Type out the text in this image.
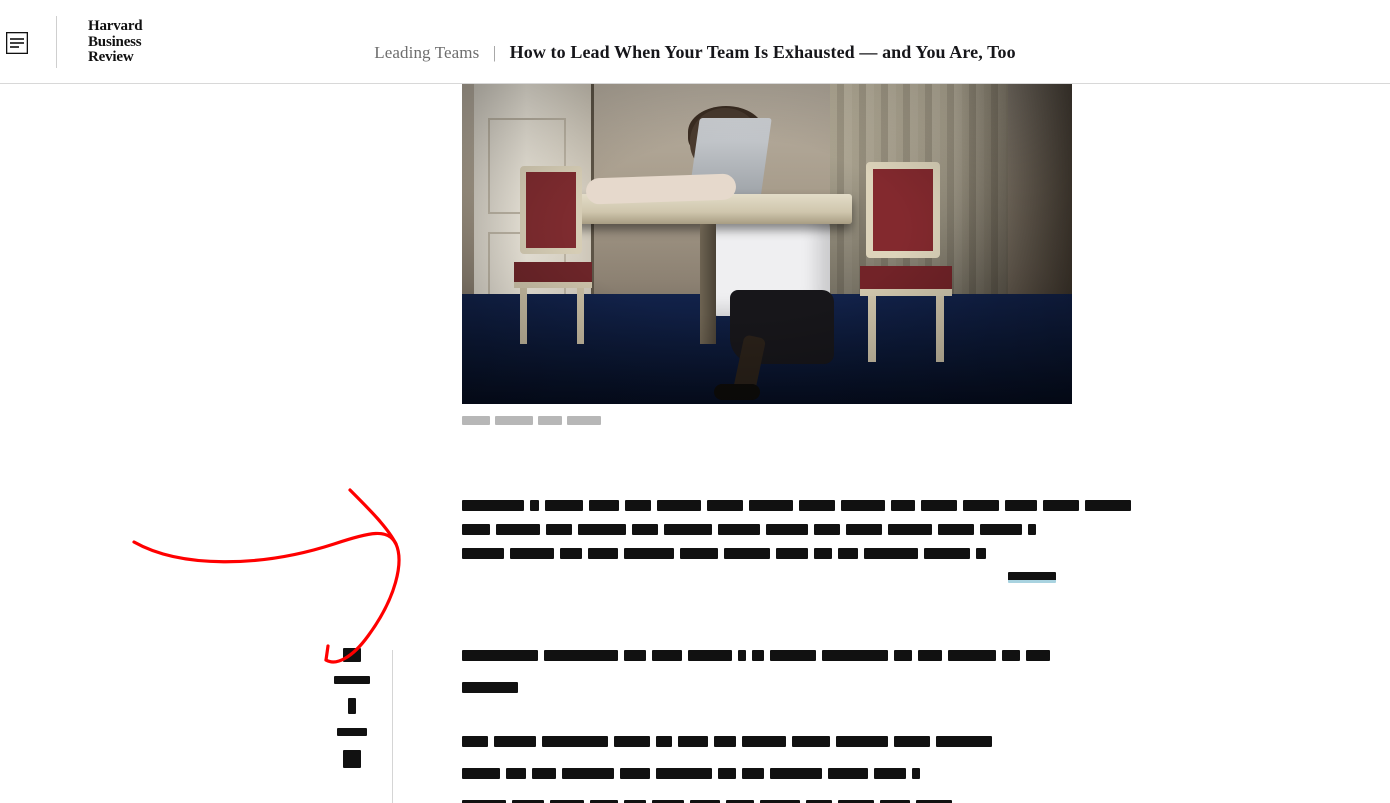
Harvard
Business
Review	Leading Teams | How to Lead When Your Team Is Exhausted — and You Are, Too
